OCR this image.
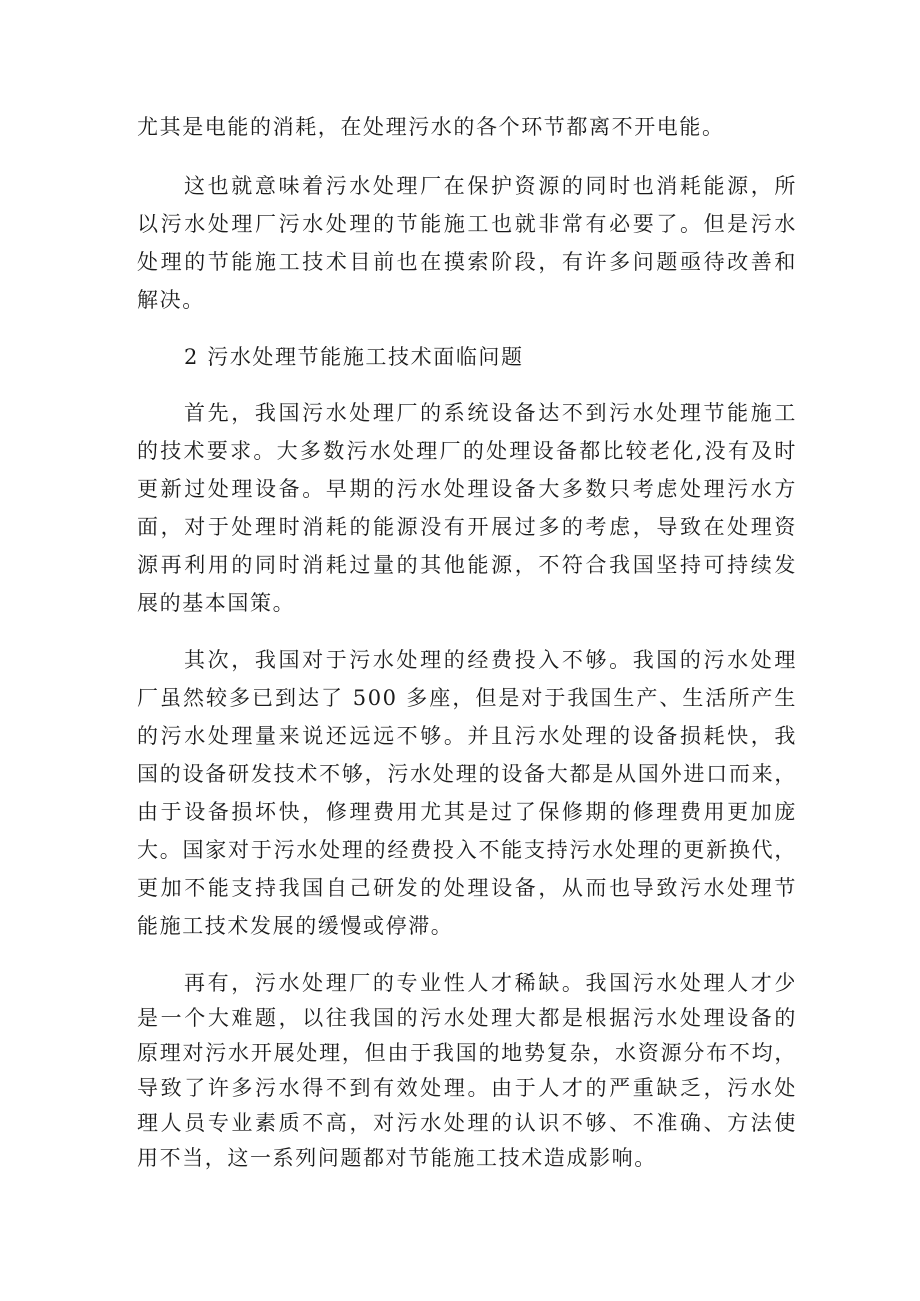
尤其是电能的消耗，在处理污水的各个环节都离不开电能。
这也就意味着污水处理厂在保护资源的同时也消耗能源，所
以污水处理厂污水处理的节能施工也就非常有必要了。但是污水
处理的节能施工技术目前也在摸索阶段，有许多问题亟待改善和
解决。
2 污水处理节能施工技术面临问题
首先，我国污水处理厂的系统设备达不到污水处理节能施工
的技术要求。大多数污水处理厂的处理设备都比较老化,没有及时
更新过处理设备。早期的污水处理设备大多数只考虑处理污水方
面，对于处理时消耗的能源没有开展过多的考虑，导致在处理资
源再利用的同时消耗过量的其他能源，不符合我国坚持可持续发
展的基本国策。
其次，我国对于污水处理的经费投入不够。我国的污水处理
厂虽然较多已到达了 500 多座，但是对于我国生产、生活所产生
的污水处理量来说还远远不够。并且污水处理的设备损耗快，我
国的设备研发技术不够，污水处理的设备大都是从国外进口而来，
由于设备损坏快，修理费用尤其是过了保修期的修理费用更加庞
大。国家对于污水处理的经费投入不能支持污水处理的更新换代，
更加不能支持我国自己研发的处理设备，从而也导致污水处理节
能施工技术发展的缓慢或停滞。
再有，污水处理厂的专业性人才稀缺。我国污水处理人才少
是一个大难题，以往我国的污水处理大都是根据污水处理设备的
原理对污水开展处理，但由于我国的地势复杂，水资源分布不均，
导致了许多污水得不到有效处理。由于人才的严重缺乏，污水处
理人员专业素质不高，对污水处理的认识不够、不准确、方法使
用不当，这一系列问题都对节能施工技术造成影响。
